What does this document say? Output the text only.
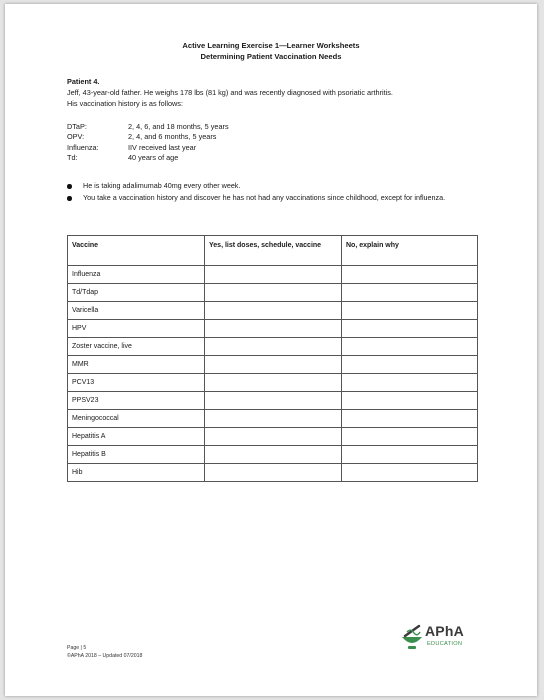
Active Learning Exercise 1—Learner Worksheets
Determining Patient Vaccination Needs
Patient 4.
Jeff, 43-year-old father. He weighs 178 lbs (81 kg) and was recently diagnosed with psoriatic arthritis.
His vaccination history is as follows:
DTaP:	2, 4, 6, and 18 months, 5 years
OPV:	2, 4, and 6 months, 5 years
Influenza:	IIV received last year
Td:	40 years of age
He is taking adalimumab 40mg every other week.
You take a vaccination history and discover he has not had any vaccinations since childhood, except for influenza.
Vaccine	Yes, list doses, schedule, vaccine	No, explain why
Influenza		
Td/Tdap		
Varicella		
HPV		
Zoster vaccine, live		
MMR		
PCV13		
PPSV23		
Meningococcal		
Hepatitis A		
Hepatitis B		
Hib		
Page | 5
©APhA 2018 – Updated 07/2018
APhA
EDUCATION
